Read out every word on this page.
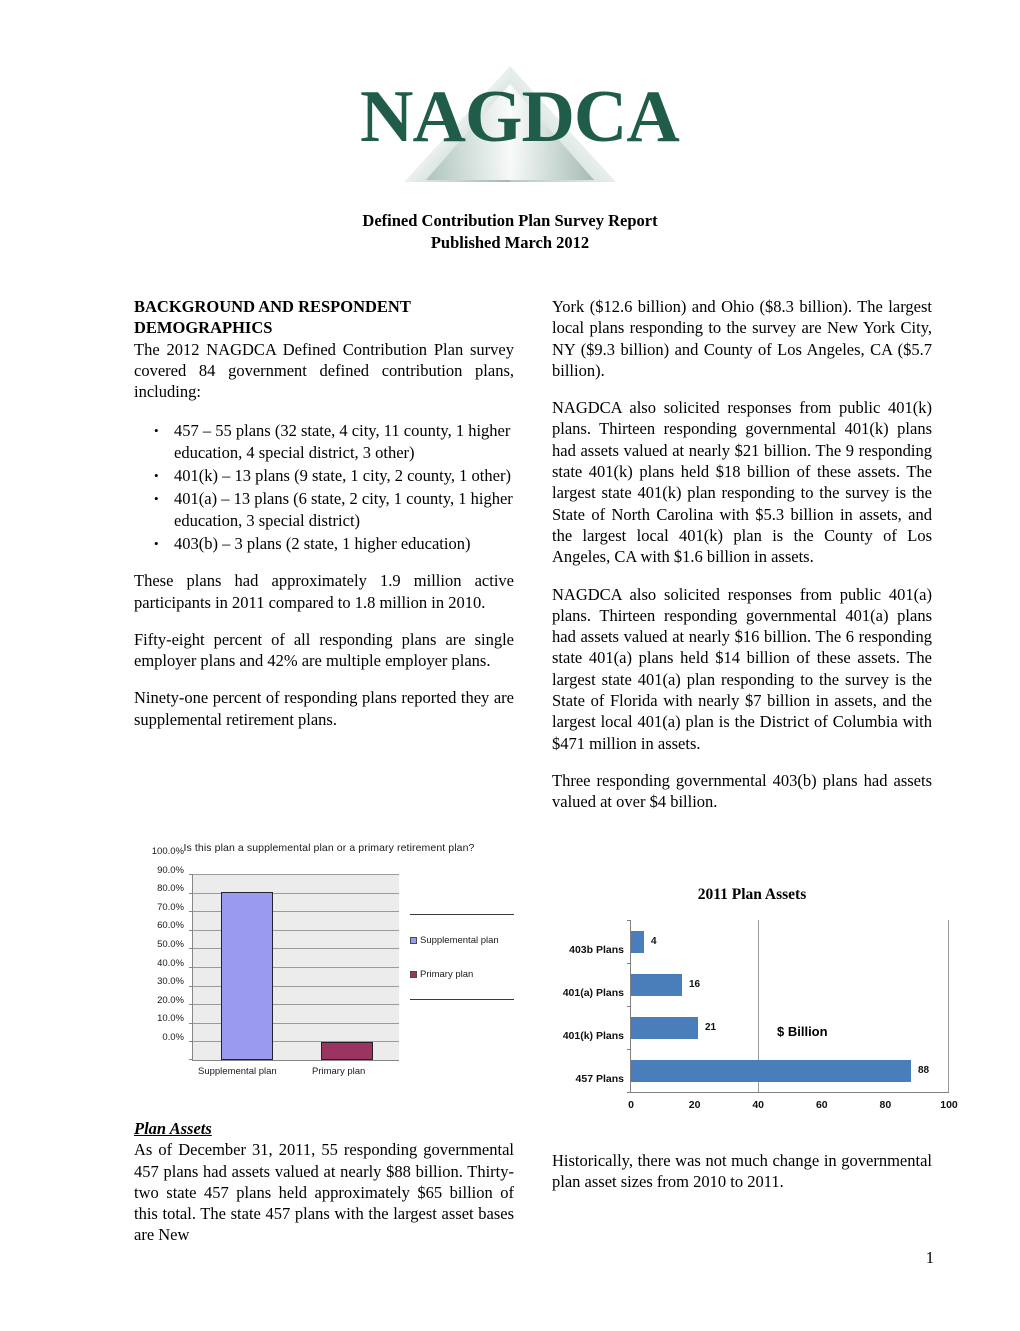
NAGDCA
Defined Contribution Plan Survey Report
Published March 2012
BACKGROUND AND RESPONDENT
DEMOGRAPHICS

The 2012 NAGDCA Defined Contribution Plan survey covered 84 government defined contribution plans, including:

• 457 – 55 plans (32 state, 4 city, 11 county, 1 higher education, 4 special district, 3 other)
• 401(k) – 13 plans (9 state, 1 city, 2 county, 1 other)
• 401(a) – 13 plans (6 state, 2 city, 1 county, 1 higher education, 3 special district)
• 403(b) – 3 plans (2 state, 1 higher education)

These plans had approximately 1.9 million active participants in 2011 compared to 1.8 million in 2010.

Fifty-eight percent of all responding plans are single employer plans and 42% are multiple employer plans.

Ninety-one percent of responding plans reported they are supplemental retirement plans.

Is this plan a supplemental plan or a primary retirement plan?
0.0%
10.0%
20.0%
30.0%
40.0%
50.0%
60.0%
70.0%
80.0%
90.0%
100.0%
Supplemental plan	Primary plan
Supplemental plan
Primary plan
Plan Assets

As of December 31, 2011, 55 responding governmental 457 plans had assets valued at nearly $88 billion. Thirty-two state 457 plans held approximately $65 billion of this total. The state 457 plans with the largest asset bases are New

York ($12.6 billion) and Ohio ($8.3 billion). The largest local plans responding to the survey are New York City, NY ($9.3 billion) and County of Los Angeles, CA ($5.7 billion).

NAGDCA also solicited responses from public 401(k) plans. Thirteen responding governmental 401(k) plans had assets valued at nearly $21 billion. The 9 responding state 401(k) plans held $18 billion of these assets. The largest state 401(k) plan responding to the survey is the State of North Carolina with $5.3 billion in assets, and the largest local 401(k) plan is the County of Los Angeles, CA with $1.6 billion in assets.

NAGDCA also solicited responses from public 401(a) plans. Thirteen responding governmental 401(a) plans had assets valued at nearly $16 billion. The 6 responding state 401(a) plans held $14 billion of these assets. The largest state 401(a) plan responding to the survey is the State of Florida with nearly $7 billion in assets, and the largest local 401(a) plan is the District of Columbia with $471 million in assets.

Three responding governmental 403(b) plans had assets valued at over $4 billion.

2011 Plan Assets
403b Plans
401(a) Plans
401(k) Plans
457 Plans
4
16
21
88
$ Billion
0	20	40	60	80	100

Historically, there was not much change in governmental plan asset sizes from 2010 to 2011.

1
